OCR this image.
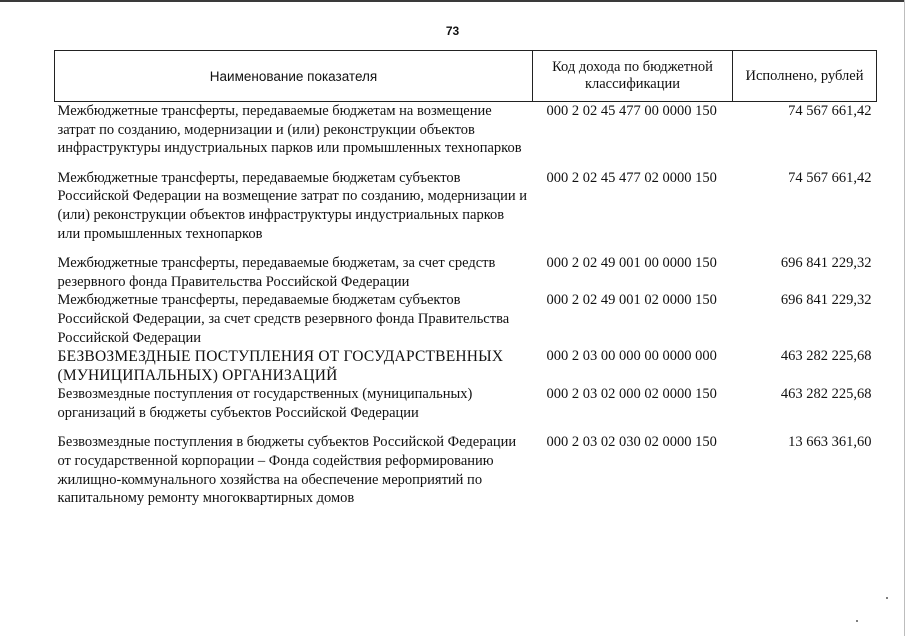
73
Наименование показателя	Код дохода по бюджетной классификации	Исполнено, рублей
Межбюджетные трансферты, передаваемые бюджетам на возмещение затрат по созданию, модернизации и (или) реконструкции объектов инфраструктуры индустриальных парков или промышленных технопарков	000 2 02 45 477 00 0000 150	74 567 661,42
Межбюджетные трансферты, передаваемые бюджетам субъектов Российской Федерации на возмещение затрат по созданию, модернизации и (или) реконструкции объектов инфраструктуры индустриальных парков или промышленных технопарков	000 2 02 45 477 02 0000 150	74 567 661,42
Межбюджетные трансферты, передаваемые бюджетам, за счет средств резервного фонда Правительства Российской Федерации	000 2 02 49 001 00 0000 150	696 841 229,32
Межбюджетные трансферты, передаваемые бюджетам субъектов Российской Федерации, за счет средств резервного фонда Правительства Российской Федерации	000 2 02 49 001 02 0000 150	696 841 229,32
БЕЗВОЗМЕЗДНЫЕ ПОСТУПЛЕНИЯ ОТ ГОСУДАРСТВЕННЫХ (МУНИЦИПАЛЬНЫХ) ОРГАНИЗАЦИЙ	000 2 03 00 000 00 0000 000	463 282 225,68
Безвозмездные поступления от государственных (муниципальных) организаций в бюджеты субъектов Российской Федерации	000 2 03 02 000 02 0000 150	463 282 225,68
Безвозмездные поступления в бюджеты субъектов Российской Федерации от государственной корпорации – Фонда содействия реформированию жилищно-коммунального хозяйства на обеспечение мероприятий по капитальному ремонту многоквартирных домов	000 2 03 02 030 02 0000 150	13 663 361,60
